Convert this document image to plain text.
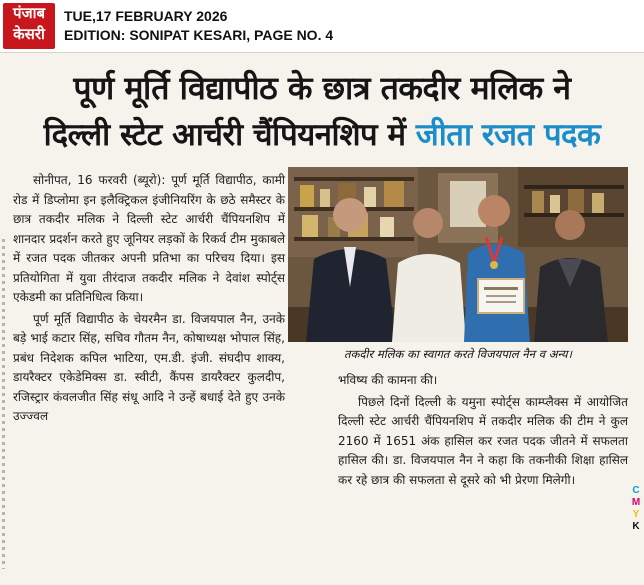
पंजाब
केसरी
TUE,17 FEBRUARY 2026
EDITION: SONIPAT KESARI, PAGE NO. 4
पूर्ण मूर्ति विद्यापीठ के छात्र तकदीर मलिक ने
दिल्ली स्टेट आर्चरी चैंपियनशिप में जीता रजत पदक

सोनीपत, 16 फरवरी (ब्यूरो): पूर्ण मूर्ति विद्यापीठ, कामी रोड में डिप्लोमा इन इलैक्ट्रिकल इंजीनियरिंग के छठे समैस्टर के छात्र तकदीर मलिक ने दिल्ली स्टेट आर्चरी चैंपियनशिप में शानदार प्रदर्शन करते हुए जूनियर लड़कों के रिकर्व टीम मुकाबले में रजत पदक जीतकर अपनी प्रतिभा का परिचय दिया। इस प्रतियोगिता में युवा तीरंदाज तकदीर मलिक ने देवांश स्पोर्ट्स एकेडमी का प्रतिनिधित्व किया।

पूर्ण मूर्ति विद्यापीठ के चेयरमैन डा. विजयपाल नैन, उनके बड़े भाई कटार सिंह, सचिव गौतम नैन, कोषाध्यक्ष भोपाल सिंह, प्रबंध निदेशक कपिल भाटिया, एम.डी. इंजी. संघदीप शाक्य, डायरैक्टर एकेडेमिक्स डा. स्वीटी, कैंपस डायरैक्टर कुलदीप, रजिस्ट्रार कंवलजीत सिंह संधू आदि ने उन्हें बधाई देते हुए उनके उज्ज्वल

तकदीर मलिक का स्वागत करते विजयपाल नैन व अन्य।

भविष्य की कामना की।

पिछले दिनों दिल्ली के यमुना स्पोर्ट्स काम्प्लैक्स में आयोजित दिल्ली स्टेट आर्चरी चैंपियनशिप में तकदीर मलिक की टीम ने कुल 2160 में 1651 अंक हासिल कर रजत पदक जीतने में सफलता हासिल की। डा. विजयपाल नैन ने कहा कि तकनीकी शिक्षा हासिल कर रहे छात्र की सफलता से दूसरे को भी प्रेरणा मिलेगी।

C
M
Y
K
